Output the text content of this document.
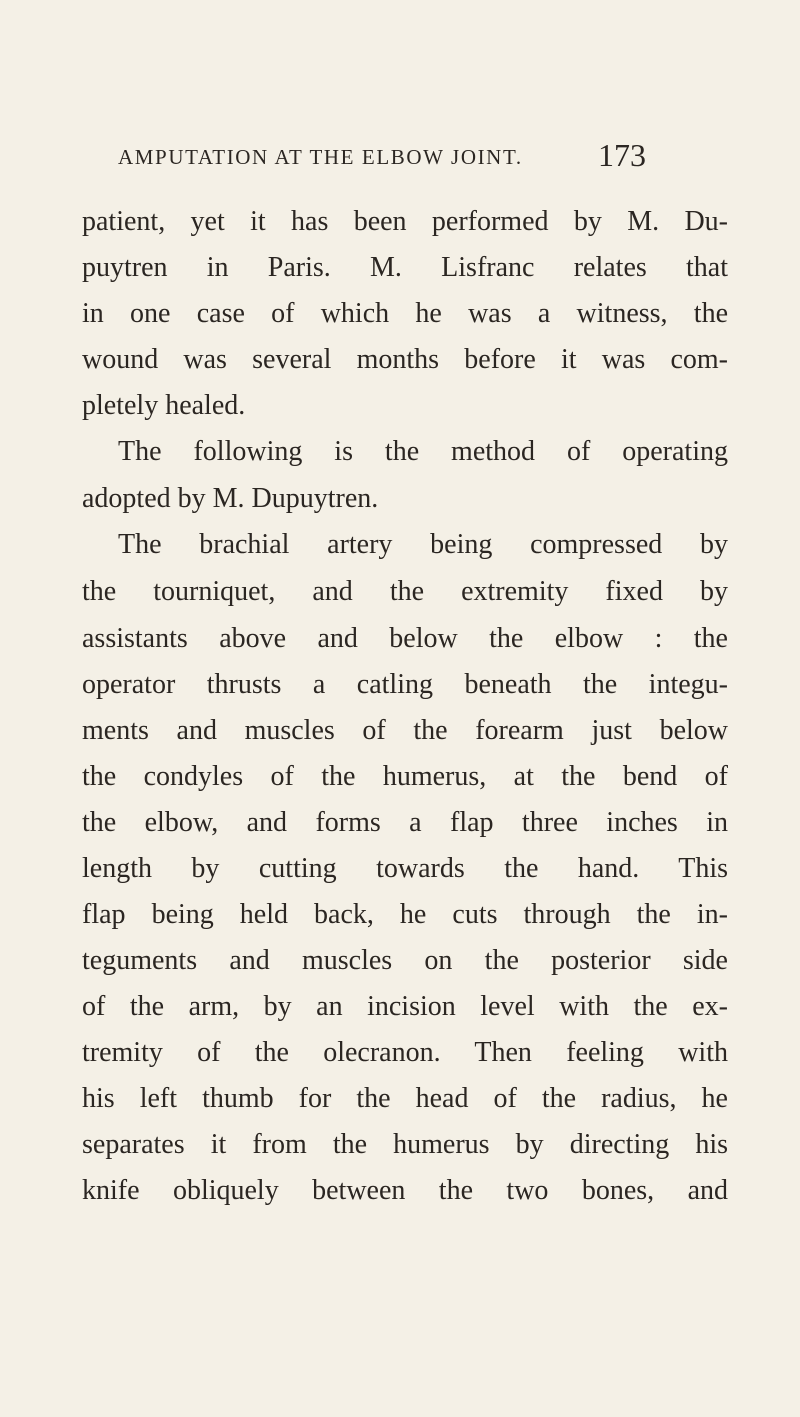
AMPUTATION AT THE ELBOW JOINT. 173
patient, yet it has been performed by M. Du-
puytren in Paris. M. Lisfranc relates that
in one case of which he was a witness, the
wound was several months before it was com-
pletely healed.
The following is the method of operating
adopted by M. Dupuytren.
The brachial artery being compressed by
the tourniquet, and the extremity fixed by
assistants above and below the elbow : the
operator thrusts a catling beneath the integu-
ments and muscles of the forearm just below
the condyles of the humerus, at the bend of
the elbow, and forms a flap three inches in
length by cutting towards the hand. This
flap being held back, he cuts through the in-
teguments and muscles on the posterior side
of the arm, by an incision level with the ex-
tremity of the olecranon. Then feeling with
his left thumb for the head of the radius, he
separates it from the humerus by directing his
knife obliquely between the two bones, and
